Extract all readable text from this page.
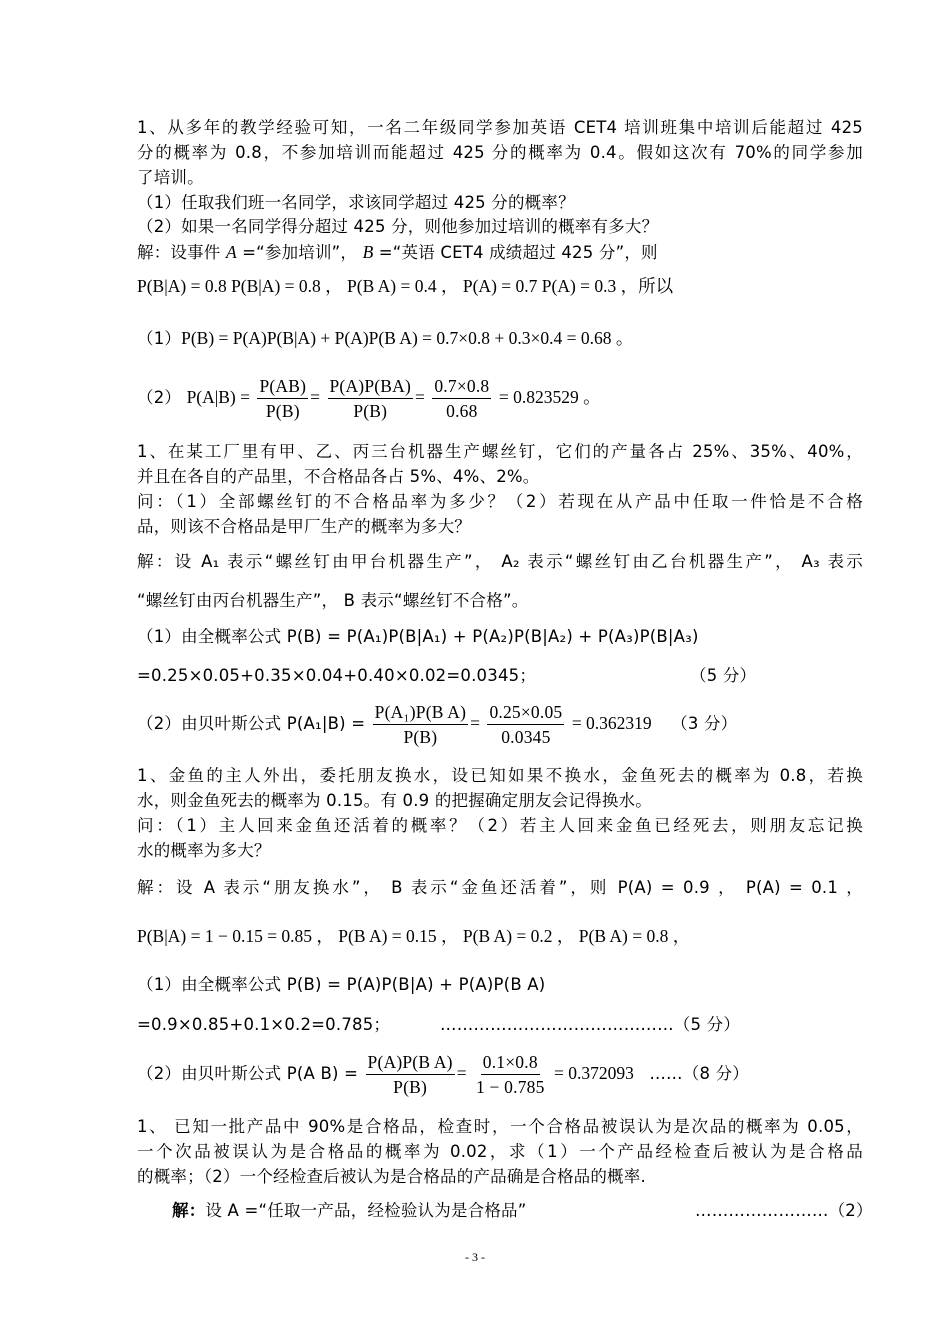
1、从多年的教学经验可知，一名二年级同学参加英语 CET4 培训班集中培训后能超过 425
分的概率为 0.8，不参加培训而能超过 425 分的概率为 0.4。假如这次有 70%的同学参加
了培训。
（1）任取我们班一名同学，求该同学超过 425 分的概率？
（2）如果一名同学得分超过 425 分，则他参加过培训的概率有多大？
解：设事件 A =“参加培训”， B =“英语 CET4 成绩超过 425 分”，则
P(B|A) = 0.8 P(B|A) = 0.8 ， P(B A) = 0.4 ， P(A) = 0.7 P(A) = 0.3 ，所以
（1）P(B) = P(A)P(B|A) + P(A)P(B A) = 0.7×0.8 + 0.3×0.4 = 0.68 。
（2） $P(A|B) = \frac{P(AB)}{P(B)} = \frac{P(A)P(BA)}{P(B)} = \frac{0.7\times 0.8}{0.68} = 0.823529$ 。
1、在某工厂里有甲、乙、丙三台机器生产螺丝钉，它们的产量各占 25%、35%、40%，
并且在各自的产品里，不合格品各占 5%、4%、2%。
问：（1）全部螺丝钉的不合格品率为多少？（2）若现在从产品中任取一件恰是不合格
品，则该不合格品是甲厂生产的概率为多大？
解：设 A₁ 表示“螺丝钉由甲台机器生产”， A₂ 表示“螺丝钉由乙台机器生产”， A₃ 表示
“螺丝钉由丙台机器生产”， B 表示“螺丝钉不合格”。
（1）由全概率公式 P(B) = P(A₁)P(B|A₁) + P(A₂)P(B|A₂) + P(A₃)P(B|A₃)
=0.25×0.05+0.35×0.04+0.40×0.02=0.0345；	（5 分）
（2）由贝叶斯公式 $P(A_1|B) = \frac{\text{P(A₁)P(B A)}}{P(B)} = \frac{0.25\times 0.05}{0.0345} = 0.362319$ （3 分）
1、金鱼的主人外出，委托朋友换水，设已知如果不换水，金鱼死去的概率为 0.8，若换
水，则金鱼死去的概率为 0.15。有 0.9 的把握确定朋友会记得换水。
问：（1）主人回来金鱼还活着的概率？（2）若主人回来金鱼已经死去，则朋友忘记换
水的概率为多大？
解：设 A 表示“朋友换水”， B 表示“金鱼还活着”，则 P(A) = 0.9 ， P(A) = 0.1 ，
P(B|A) = 1 − 0.15 = 0.85 ， P(B A) = 0.15 ， P(B A) = 0.2 ， P(B A) = 0.8 ，
（1）由全概率公式 P(B) = P(A)P(B|A) + P(A)P(B A)
=0.9×0.85+0.1×0.2=0.785；	……………………………………（5 分）
（2）由贝叶斯公式 P(A $B) = \frac{\text{P(A)P(B A)}}{P(B)} = \frac{0.1\times 0.8}{1 - 0.785} = 0.372093$ ……（8 分）
1、 已知一批产品中 90%是合格品，检查时，一个合格品被误认为是次品的概率为 0.05，
一个次品被误认为是合格品的概率为 0.02，求（1）一个产品经检查后被认为是合格品
的概率；（2）一个经检查后被认为是合格品的产品确是合格品的概率.
解：设 A =“任取一产品，经检验认为是合格品”	……………………（2）
- 3 -
